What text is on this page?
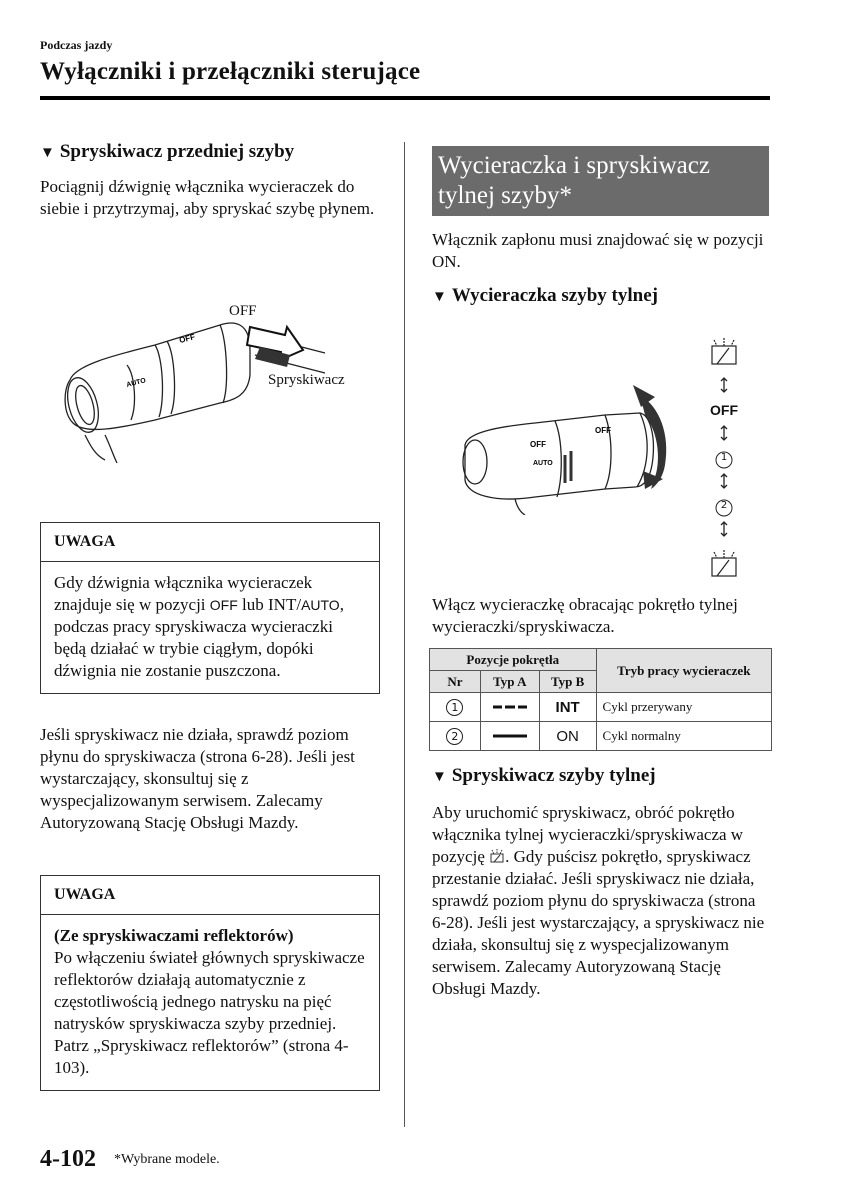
Podczas jazdy
Wyłączniki i przełączniki sterujące
▼ Spryskiwacz przedniej szyby
Pociągnij dźwignię włącznika wycieraczek do siebie i przytrzymaj, aby spryskać szybę płynem.
OFF
AUTO
OFF
Spryskiwacz
UWAGA
Gdy dźwignia włącznika wycieraczek znajduje się w pozycji OFF lub INT/AUTO, podczas pracy spryskiwacza wycieraczki będą działać w trybie ciągłym, dopóki dźwignia nie zostanie puszczona.
Jeśli spryskiwacz nie działa, sprawdź poziom płynu do spryskiwacza (strona 6-28). Jeśli jest wystarczający, skonsultuj się z wyspecjalizowanym serwisem. Zalecamy Autoryzowaną Stację Obsługi Mazdy.
UWAGA
(Ze spryskiwaczami reflektorów)
Po włączeniu świateł głównych spryskiwacze reflektorów działają automatycznie z częstotliwością jednego natrysku na pięć natrysków spryskiwacza szyby przedniej. Patrz „Spryskiwacz reflektorów” (strona 4-103).
Wycieraczka i spryskiwacz tylnej szyby*
Włącznik zapłonu musi znajdować się w pozycji ON.
▼ Wycieraczka szyby tylnej
OFF
AUTO
OFF
OFF
1
2
Włącz wycieraczkę obracając pokrętło tylnej wycieraczki/spryskiwacza.
Pozycje pokrętła			Tryb pracy wycieraczek
Nr	Typ A	Typ B	
1		INT	Cykl przerywany
2		ON	Cykl normalny
▼ Spryskiwacz szyby tylnej
Aby uruchomić spryskiwacz, obróć pokrętło włącznika tylnej wycieraczki/spryskiwacza w pozycję . Gdy puścisz pokrętło, spryskiwacz przestanie działać. Jeśli spryskiwacz nie działa, sprawdź poziom płynu do spryskiwacza (strona 6-28). Jeśli jest wystarczający, a spryskiwacz nie działa, skonsultuj się z wyspecjalizowanym serwisem. Zalecamy Autoryzowaną Stację Obsługi Mazdy.
4-102 *Wybrane modele.
